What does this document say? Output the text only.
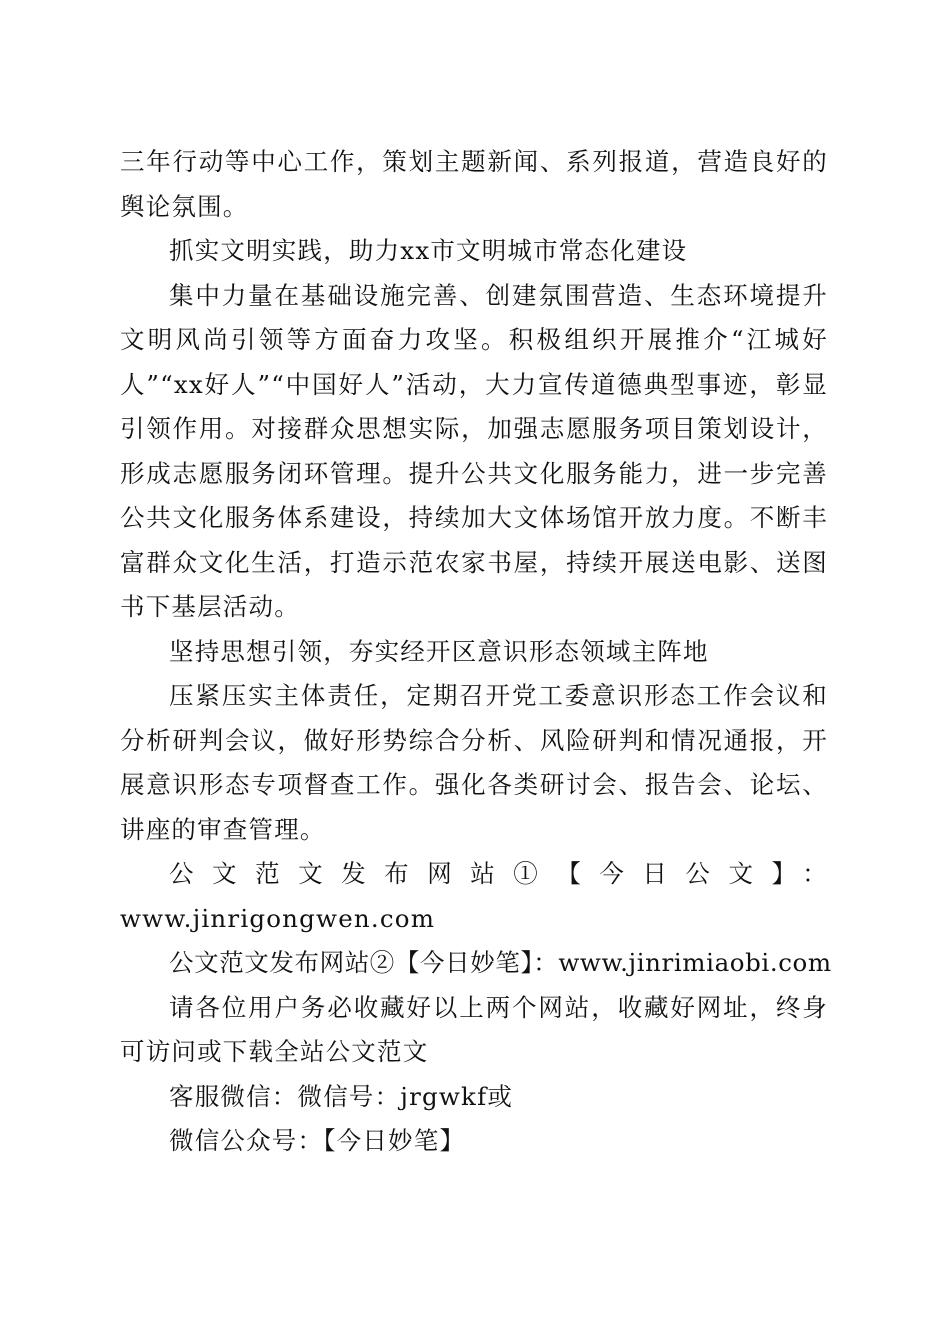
三年行动等中心工作，策划主题新闻、系列报道，营造良好的舆论氛围。

抓实文明实践，助力xx市文明城市常态化建设

集中力量在基础设施完善、创建氛围营造、生态环境提升文明风尚引领等方面奋力攻坚。积极组织开展推介“江城好人”“xx好人”“中国好人”活动，大力宣传道德典型事迹，彰显引领作用。对接群众思想实际，加强志愿服务项目策划设计，形成志愿服务闭环管理。提升公共文化服务能力，进一步完善公共文化服务体系建设，持续加大文体场馆开放力度。不断丰富群众文化生活，打造示范农家书屋，持续开展送电影、送图书下基层活动。

坚持思想引领，夯实经开区意识形态领域主阵地

压紧压实主体责任，定期召开党工委意识形态工作会议和分析研判会议，做好形势综合分析、风险研判和情况通报，开展意识形态专项督查工作。强化各类研讨会、报告会、论坛、讲座的审查管理。

公文范文发布网站①【今日公文】：
www.jinrigongwen.com

公文范文发布网站②【今日妙笔】：www.jinrimiaobi.com

请各位用户务必收藏好以上两个网站，收藏好网址，终身可访问或下载全站公文范文

客服微信：微信号：jrgwkf或

微信公众号：【今日妙笔】
